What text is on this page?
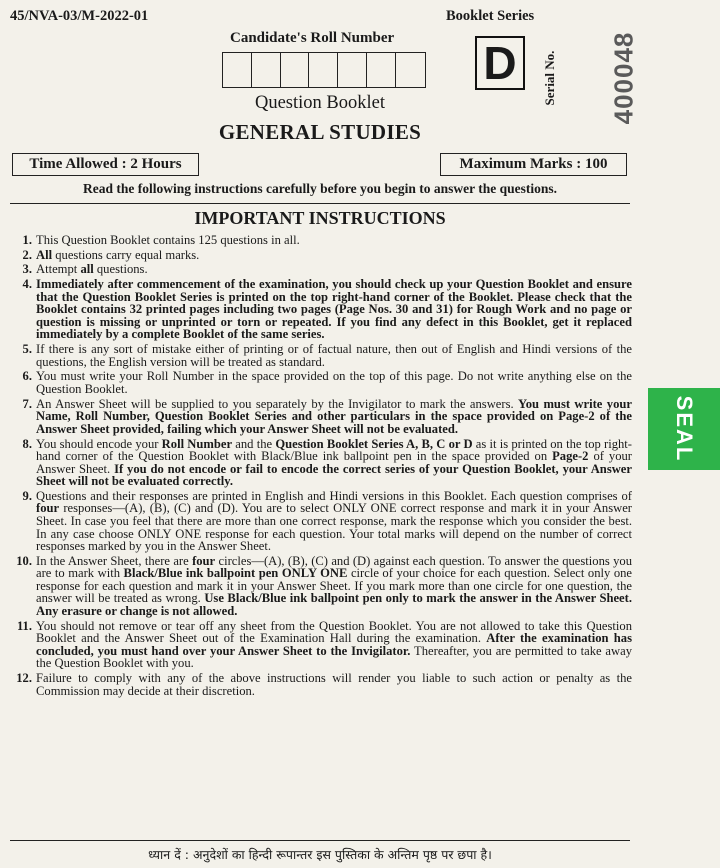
45/NVA-03/M-2022-01	Booklet Series
Candidate's Roll Number D	Serial No. 400048
Question Booklet
GENERAL STUDIES
Time Allowed : 2 Hours	Maximum Marks : 100
Read the following instructions carefully before you begin to answer the questions.
IMPORTANT INSTRUCTIONS
1. This Question Booklet contains 125 questions in all.
2. All questions carry equal marks.
3. Attempt all questions.
4. Immediately after commencement of the examination, you should check up your Question Booklet and ensure that the Question Booklet Series is printed on the top right-hand corner of the Booklet. Please check that the Booklet contains 32 printed pages including two pages (Page Nos. 30 and 31) for Rough Work and no page or question is missing or unprinted or torn or repeated. If you find any defect in this Booklet, get it replaced immediately by a complete Booklet of the same series.
5. If there is any sort of mistake either of printing or of factual nature, then out of English and Hindi versions of the questions, the English version will be treated as standard.
6. You must write your Roll Number in the space provided on the top of this page. Do not write anything else on the Question Booklet.
7. An Answer Sheet will be supplied to you separately by the Invigilator to mark the answers. You must write your Name, Roll Number, Question Booklet Series and other particulars in the space provided on Page-2 of the Answer Sheet provided, failing which your Answer Sheet will not be evaluated.
8. You should encode your Roll Number and the Question Booklet Series A, B, C or D as it is printed on the top right-hand corner of the Question Booklet with Black/Blue ink ballpoint pen in the space provided on Page-2 of your Answer Sheet. If you do not encode or fail to encode the correct series of your Question Booklet, your Answer Sheet will not be evaluated correctly.
9. Questions and their responses are printed in English and Hindi versions in this Booklet. Each question comprises of four responses—(A), (B), (C) and (D). You are to select ONLY ONE correct response and mark it in your Answer Sheet. In case you feel that there are more than one correct response, mark the response which you consider the best. In any case choose ONLY ONE response for each question. Your total marks will depend on the number of correct responses marked by you in the Answer Sheet.
10. In the Answer Sheet, there are four circles—(A), (B), (C) and (D) against each question. To answer the questions you are to mark with Black/Blue ink ballpoint pen ONLY ONE circle of your choice for each question. Select only one response for each question and mark it in your Answer Sheet. If you mark more than one circle for one question, the answer will be treated as wrong. Use Black/Blue ink ballpoint pen only to mark the answer in the Answer Sheet. Any erasure or change is not allowed.
11. You should not remove or tear off any sheet from the Question Booklet. You are not allowed to take this Question Booklet and the Answer Sheet out of the Examination Hall during the examination. After the examination has concluded, you must hand over your Answer Sheet to the Invigilator. Thereafter, you are permitted to take away the Question Booklet with you.
12. Failure to comply with any of the above instructions will render you liable to such action or penalty as the Commission may decide at their discretion.
ध्यान दें : अनुदेशों का हिन्दी रूपान्तर इस पुस्तिका के अन्तिम पृष्ठ पर छपा है।
SEAL
